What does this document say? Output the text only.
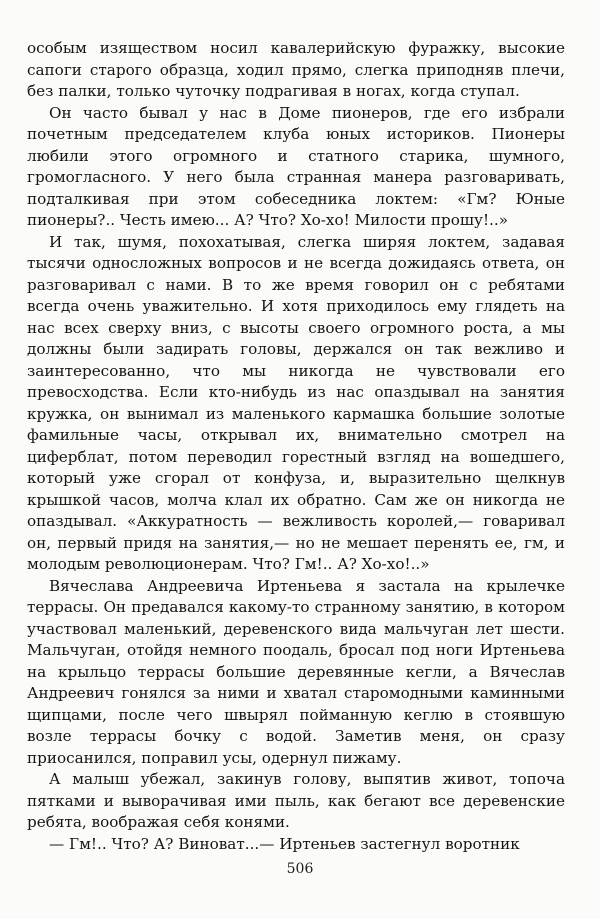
особым изяществом носил кавалерийскую фуражку, высокие сапоги старого образца, ходил прямо, слегка приподняв плечи, без палки, только чуточку подрагивая в ногах, когда ступал.

Он часто бывал у нас в Доме пионеров, где его избрали почетным председателем клуба юных историков. Пионеры любили этого огромного и статного старика, шумного, громогласного. У него была странная манера разговаривать, подталкивая при этом собеседника локтем: «Гм? Юные пионеры?.. Честь имею... А? Что? Хо-хо! Милости прошу!..»

И так, шумя, похохатывая, слегка ширяя локтем, задавая тысячи односложных вопросов и не всегда дожидаясь ответа, он разговаривал с нами. В то же время говорил он с ребятами всегда очень уважительно. И хотя приходилось ему глядеть на нас всех сверху вниз, с высоты своего огромного роста, а мы должны были задирать головы, держался он так вежливо и заинтересованно, что мы никогда не чувствовали его превосходства. Если кто-нибудь из нас опаздывал на занятия кружка, он вынимал из маленького кармашка большие золотые фамильные часы, открывал их, внимательно смотрел на циферблат, потом переводил горестный взгляд на вошедшего, который уже сгорал от конфуза, и, выразительно щелкнув крышкой часов, молча клал их обратно. Сам же он никогда не опаздывал. «Аккуратность — вежливость королей,— говаривал он, первый придя на занятия,— но не мешает перенять ее, гм, и молодым революционерам. Что? Гм!.. А? Хо-хо!..»

Вячеслава Андреевича Иртеньева я застала на крылечке террасы. Он предавался какому-то странному занятию, в котором участвовал маленький, деревенского вида мальчуган лет шести. Мальчуган, отойдя немного поодаль, бросал под ноги Иртеньева на крыльцо террасы большие деревянные кегли, а Вячеслав Андреевич гонялся за ними и хватал старомодными каминными щипцами, после чего швырял пойманную кеглю в стоявшую возле террасы бочку с водой. Заметив меня, он сразу приосанился, поправил усы, одернул пижаму.

А малыш убежал, закинув голову, выпятив живот, топоча пятками и выворачивая ими пыль, как бегают все деревенские ребята, воображая себя конями.

— Гм!.. Что? А? Виноват...— Иртеньев застегнул воротник

506
